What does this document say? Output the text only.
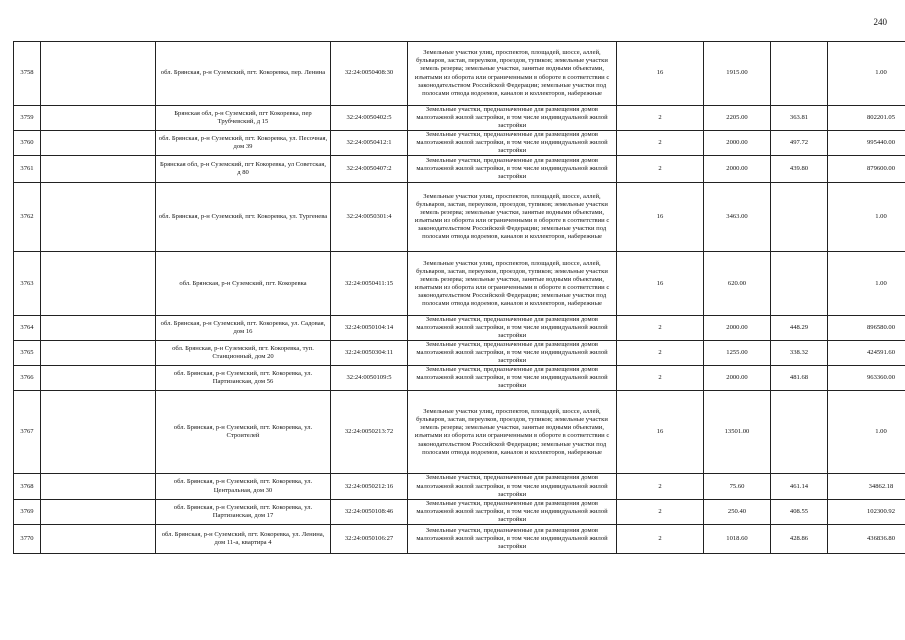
240
3758		обл. Брянская, р-н Суземский, пгт. Кокоревка, пер. Ленина	32:24:0050408:30	Земельные участки улиц, проспектов, площадей, шоссе, аллей, бульваров, застав, переулков, проездов, тупиков; земельные участки земель резерва; земельные участки, занятые водными объектами, изъятыми из оборота или ограниченными в обороте в соответствии с законодательством Российской Федерации; земельные участки под полосами отвода водоемов, каналов и коллекторов, набережные	16	1915.00		1.00
3759		Брянская обл, р-н Суземский, пгт Кокоревка, пер Трубчевский, д 15	32:24:0050402:5	Земельные участки, предназначенные для размещения домов малоэтажной жилой застройки, в том числе индивидуальной жилой застройки	2	2205.00	363.81	802201.05
3760		обл. Брянская, р-н Суземский, пгт. Кокоревка, ул. Песочная, дом 39	32:24:0050412:1	Земельные участки, предназначенные для размещения домов малоэтажной жилой застройки, в том числе индивидуальной жилой застройки	2	2000.00	497.72	995440.00
3761		Брянская обл, р-н Суземский, пгт Кокоревка, ул Советская, д 80	32:24:0050407:2	Земельные участки, предназначенные для размещения домов малоэтажной жилой застройки, в том числе индивидуальной жилой застройки	2	2000.00	439.80	879600.00
3762		обл. Брянская, р-н Суземский, пгт. Кокоревка, ул. Тургенева	32:24:0050301:4	Земельные участки улиц, проспектов, площадей, шоссе, аллей, бульваров, застав, переулков, проездов, тупиков; земельные участки земель резерва; земельные участки, занятые водными объектами, изъятыми из оборота или ограниченными в обороте в соответствии с законодательством Российской Федерации; земельные участки под полосами отвода водоемов, каналов и коллекторов, набережные	16	3463.00		1.00
3763		обл. Брянская, р-н Суземский, пгт. Кокоревка	32:24:0050411:15	Земельные участки улиц, проспектов, площадей, шоссе, аллей, бульваров, застав, переулков, проездов, тупиков; земельные участки земель резерва; земельные участки, занятые водными объектами, изъятыми из оборота или ограниченными в обороте в соответствии с законодательством Российской Федерации; земельные участки под полосами отвода водоемов, каналов и коллекторов, набережные	16	620.00		1.00
3764		обл. Брянская, р-н Суземский, пгт. Кокоревка, ул. Садовая, дом 16	32:24:0050104:14	Земельные участки, предназначенные для размещения домов малоэтажной жилой застройки, в том числе индивидуальной жилой застройки	2	2000.00	448.29	896580.00
3765		обл. Брянская, р-н Суземский, пгт. Кокоревка, туп. Станционный, дом 20	32:24:0050304:11	Земельные участки, предназначенные для размещения домов малоэтажной жилой застройки, в том числе индивидуальной жилой застройки	2	1255.00	338.32	424591.60
3766		обл. Брянская, р-н Суземский, пгт. Кокоревка, ул. Партизанская, дом 56	32:24:0050109:5	Земельные участки, предназначенные для размещения домов малоэтажной жилой застройки, в том числе индивидуальной жилой застройки	2	2000.00	481.68	963360.00
3767		обл. Брянская, р-н Суземский, пгт. Кокоревка, ул. Строителей	32:24:0050213:72	Земельные участки улиц, проспектов, площадей, шоссе, аллей, бульваров, застав, переулков, проездов, тупиков; земельные участки земель резерва; земельные участки, занятые водными объектами, изъятыми из оборота или ограниченными в обороте в соответствии с законодательством Российской Федерации; земельные участки под полосами отвода водоемов, каналов и коллекторов, набережные	16	13501.00		1.00
3768		обл. Брянская, р-н Суземский, пгт. Кокоревка, ул. Центральная, дом 30	32:24:0050212:16	Земельные участки, предназначенные для размещения домов малоэтажной жилой застройки, в том числе индивидуальной жилой застройки	2	75.60	461.14	34862.18
3769		обл. Брянская, р-н Суземский, пгт. Кокоревка, ул. Партизанская, дом 17	32:24:0050108:46	Земельные участки, предназначенные для размещения домов малоэтажной жилой застройки, в том числе индивидуальной жилой застройки	2	250.40	408.55	102300.92
3770		обл. Брянская, р-н Суземский, пгт. Кокоревка, ул. Ленина, дом 11-а, квартира 4	32:24:0050106:27	Земельные участки, предназначенные для размещения домов малоэтажной жилой застройки, в том числе индивидуальной жилой застройки	2	1018.60	428.86	436836.80
